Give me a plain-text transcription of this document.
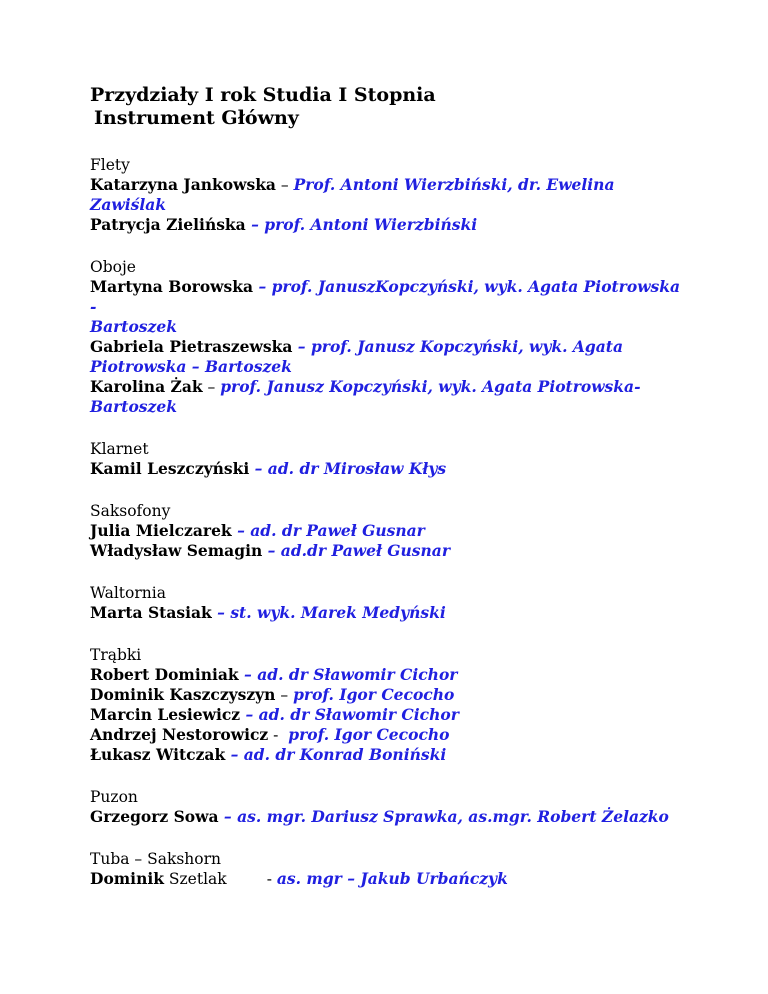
Przydziały I rok Studia I Stopnia
Instrument Główny
Flety
Katarzyna Jankowska – Prof. Antoni Wierzbiński, dr. Ewelina Zawiślak
Patrycja Zielińska – prof. Antoni Wierzbiński
Oboje
Martyna Borowska – prof. JanuszKopczyński, wyk. Agata Piotrowska -
Bartoszek
Gabriela Pietraszewska – prof. Janusz Kopczyński, wyk. Agata
Piotrowska – Bartoszek
Karolina Żak – prof. Janusz Kopczyński, wyk. Agata Piotrowska-
Bartoszek
Klarnet
Kamil Leszczyński – ad. dr Mirosław Kłys
Saksofony
Julia Mielczarek – ad. dr Paweł Gusnar
Władysław Semagin – ad.dr Paweł Gusnar
Waltornia
Marta Stasiak – st. wyk. Marek Medyński
Trąbki
Robert Dominiak – ad. dr Sławomir Cichor
Dominik Kaszczyszyn – prof. Igor Cecocho
Marcin Lesiewicz – ad. dr Sławomir Cichor
Andrzej Nestorowicz -  prof. Igor Cecocho
Łukasz Witczak – ad. dr Konrad Boniński
Puzon
Grzegorz Sowa – as. mgr. Dariusz Sprawka, as.mgr. Robert Żelazko
Tuba – Sakshorn
Dominik Szetlak	- as. mgr – Jakub Urbańczyk
